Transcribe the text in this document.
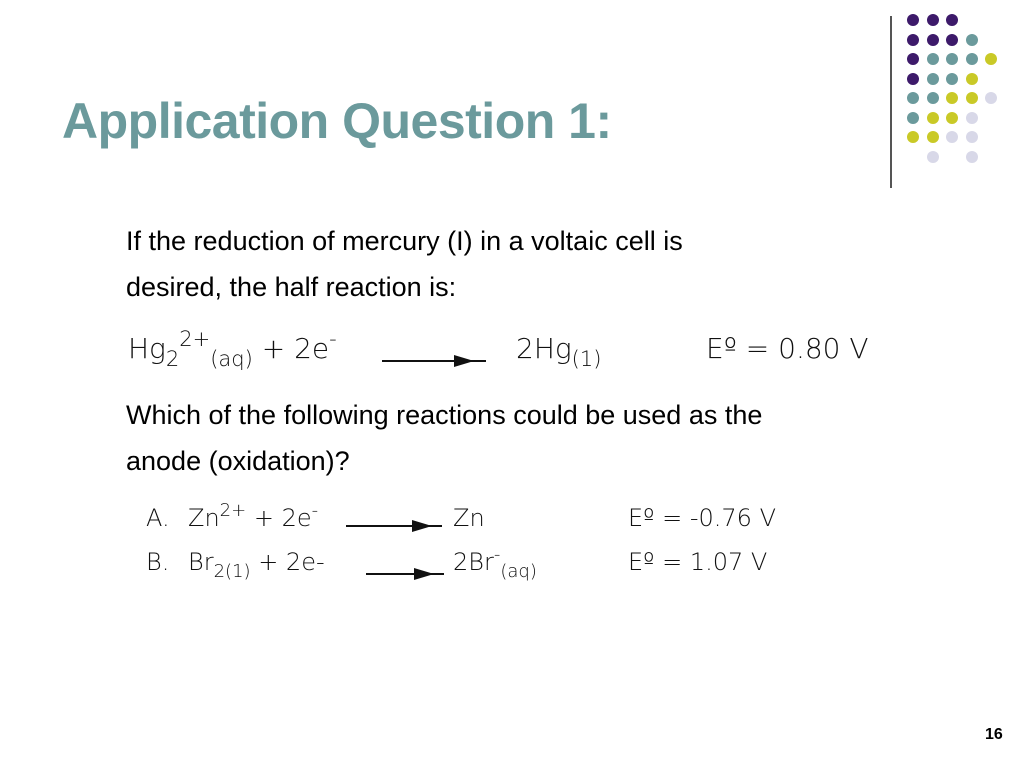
Application Question 1:
If the reduction of mercury (I) in a voltaic cell is
desired, the half reaction is:
$Hg_2^{2+}_{(aq)} + 2e^-$	$2Hg_{(1)}$	Eº = 0.80 V
Which of the following reactions could be used as the
anode (oxidation)?
A. $Zn^{2+} + 2e^-$	Zn	Eº = -0.76 V
B. $Br_{2(1)} + 2e-$	$2Br^-_{(aq)}$	Eº = 1.07 V
16
